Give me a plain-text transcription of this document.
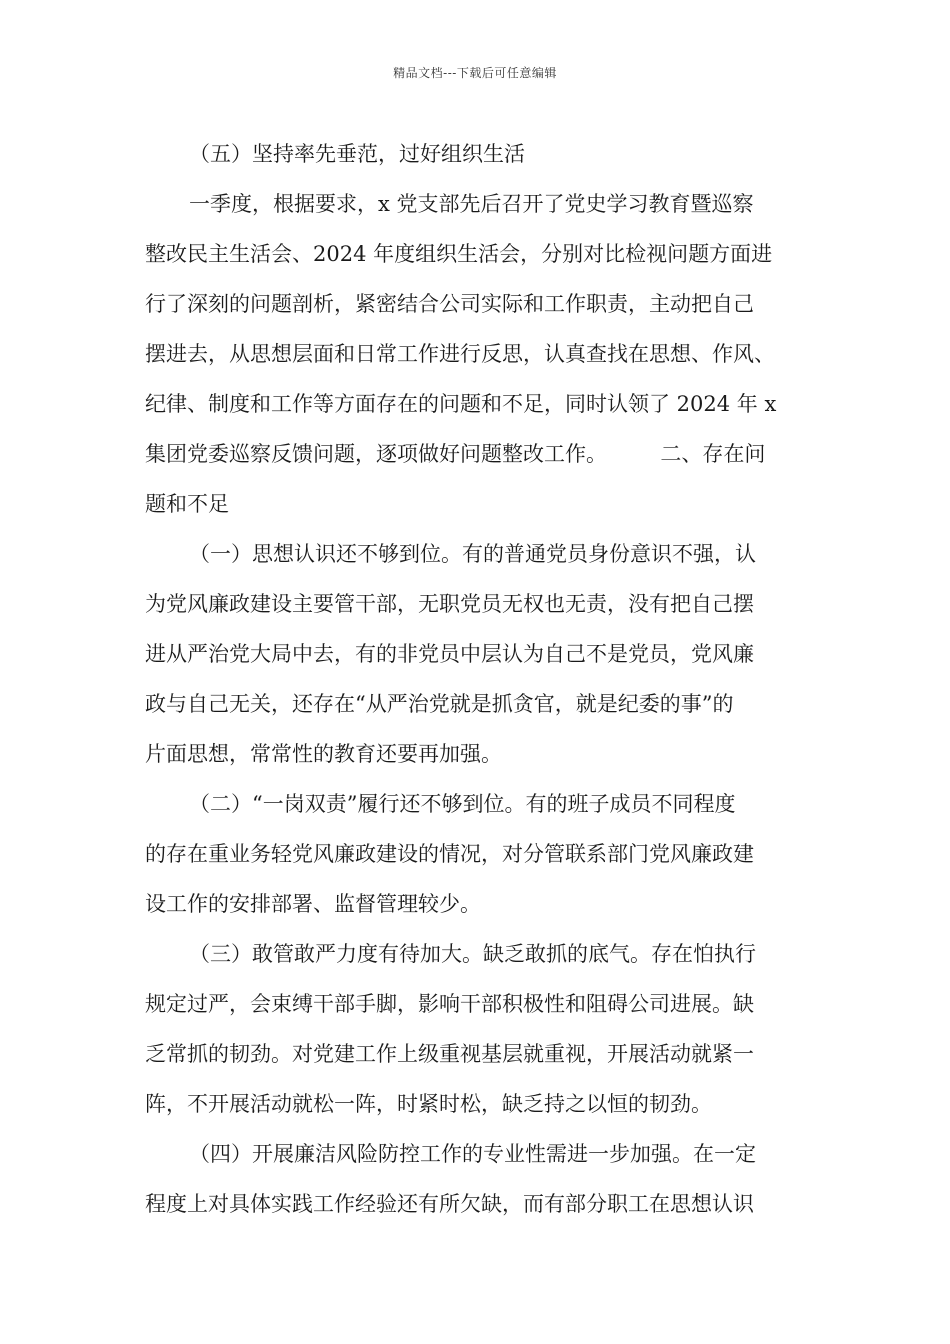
精品文档---下载后可任意编辑
（五）坚持率先垂范，过好组织生活
一季度，根据要求，x 党支部先后召开了党史学习教育暨巡察
整改民主生活会、2024 年度组织生活会，分别对比检视问题方面进
行了深刻的问题剖析，紧密结合公司实际和工作职责，主动把自己
摆进去，从思想层面和日常工作进行反思，认真查找在思想、作风、
纪律、制度和工作等方面存在的问题和不足，同时认领了 2024 年 x
集团党委巡察反馈问题，逐项做好问题整改工作。        二、存在问
题和不足
（一）思想认识还不够到位。有的普通党员身份意识不强，认
为党风廉政建设主要管干部，无职党员无权也无责，没有把自己摆
进从严治党大局中去，有的非党员中层认为自己不是党员，党风廉
政与自己无关，还存在“从严治党就是抓贪官，就是纪委的事”的
片面思想，常常性的教育还要再加强。
（二）“一岗双责”履行还不够到位。有的班子成员不同程度
的存在重业务轻党风廉政建设的情况，对分管联系部门党风廉政建
设工作的安排部署、监督管理较少。
（三）敢管敢严力度有待加大。缺乏敢抓的底气。存在怕执行
规定过严，会束缚干部手脚，影响干部积极性和阻碍公司进展。缺
乏常抓的韧劲。对党建工作上级重视基层就重视，开展活动就紧一
阵，不开展活动就松一阵，时紧时松，缺乏持之以恒的韧劲。
（四）开展廉洁风险防控工作的专业性需进一步加强。在一定
程度上对具体实践工作经验还有所欠缺，而有部分职工在思想认识
